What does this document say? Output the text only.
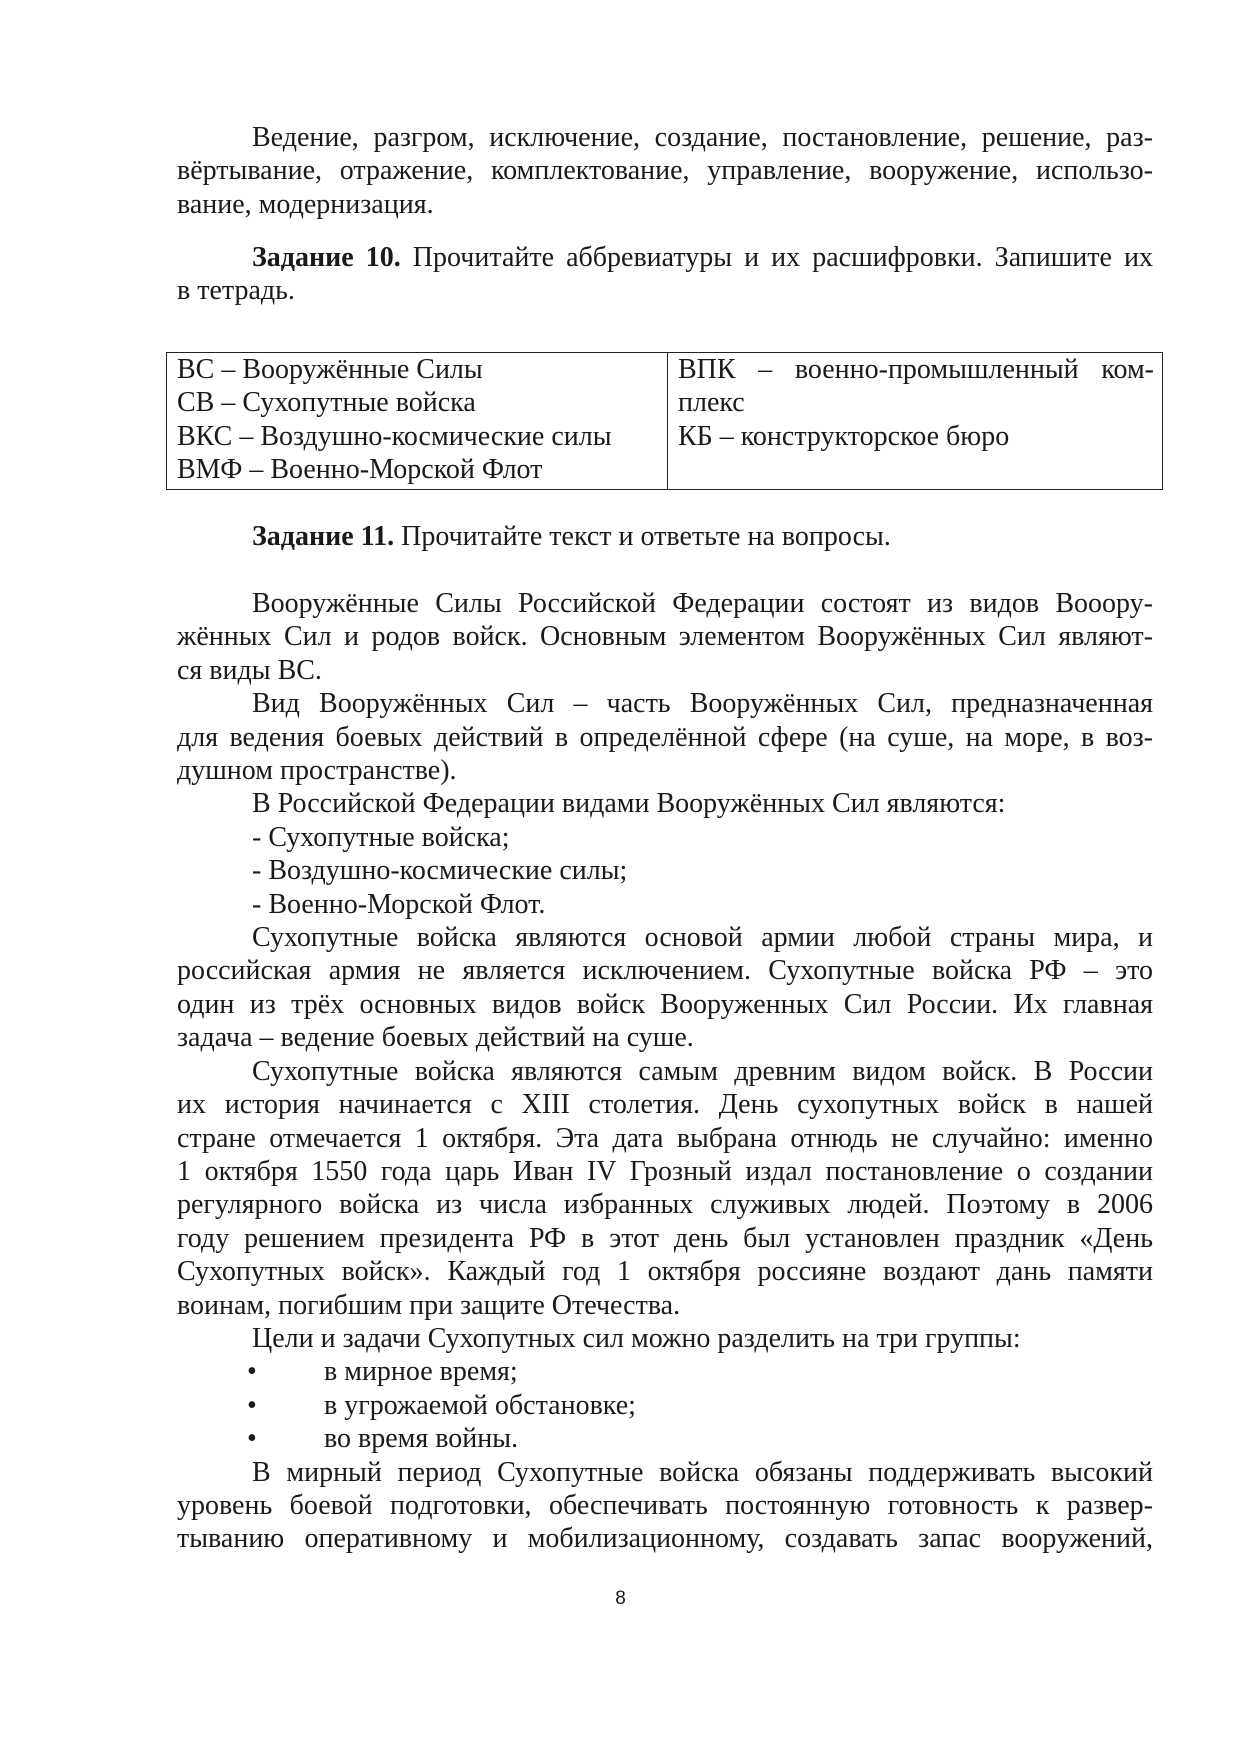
Ведение, разгром, исключение, создание, постановление, решение, раз-
вёртывание, отражение, комплектование, управление, вооружение, использо-
вание, модернизация.
Задание 10. Прочитайте аббревиатуры и их расшифровки. Запишите их
в тетрадь.
ВС – Вооружённые Силы
СВ – Сухопутные войска
ВКС – Воздушно-космические силы
ВМФ – Военно-Морской Флот

ВПК – военно-промышленный ком-
плекс
КБ – конструкторское бюро
Задание 11. Прочитайте текст и ответьте на вопросы.
Вооружённые Силы Российской Федерации состоят из видов Вооору-
жённых Сил и родов войск. Основным элементом Вооружённых Сил являют-
ся виды ВС.
Вид Вооружённых Сил – часть Вооружённых Сил, предназначенная
для ведения боевых действий в определённой сфере (на суше, на море, в воз-
душном пространстве).
В Российской Федерации видами Вооружённых Сил являются:
- Сухопутные войска;
- Воздушно-космические силы;
- Военно-Морской Флот.
Сухопутные войска являются основой армии любой страны мира, и
российская армия не является исключением. Сухопутные войска РФ – это
один из трёх основных видов войск Вооруженных Сил России. Их главная
задача – ведение боевых действий на суше.
Сухопутные войска являются самым древним видом войск. В России
их история начинается с XIII столетия. День сухопутных войск в нашей
стране отмечается 1 октября. Эта дата выбрана отнюдь не случайно: именно
1 октября 1550 года царь Иван IV Грозный издал постановление о создании
регулярного войска из числа избранных служивых людей. Поэтому в 2006
году решением президента РФ в этот день был установлен праздник «День
Сухопутных войск». Каждый год 1 октября россияне воздают дань памяти
воинам, погибшим при защите Отечества.
Цели и задачи Сухопутных сил можно разделить на три группы:
• в мирное время;
• в угрожаемой обстановке;
• во время войны.
В мирный период Сухопутные войска обязаны поддерживать высокий
уровень боевой подготовки, обеспечивать постоянную готовность к развер-
тыванию оперативному и мобилизационному, создавать запас вооружений,
8
